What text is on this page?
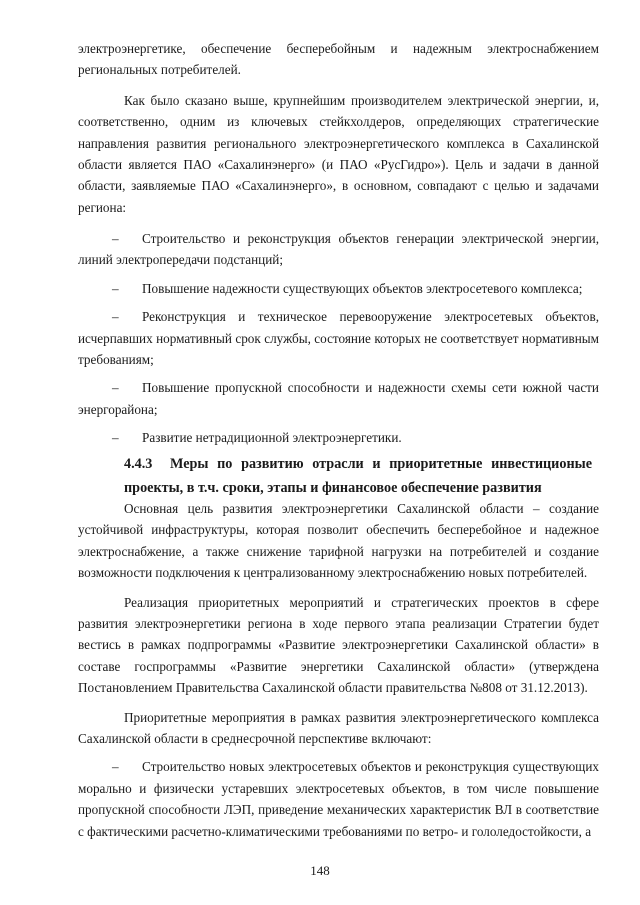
электроэнергетике, обеспечение бесперебойным и надежным электроснабжением региональных потребителей.

Как было сказано выше, крупнейшим производителем электрической энергии, и, соответственно, одним из ключевых стейкхолдеров, определяющих стратегические направления развития регионального электроэнергетического комплекса в Сахалинской области является ПАО «Сахалинэнерго» (и ПАО «РусГидро»). Цель и задачи в данной области, заявляемые ПАО «Сахалинэнерго», в основном, совпадают с целью и задачами региона:

– Строительство и реконструкция объектов генерации электрической энергии, линий электропередачи подстанций;

– Повышение надежности существующих объектов электросетевого комплекса;

– Реконструкция и техническое перевооружение электросетевых объектов, исчерпавших нормативный срок службы, состояние которых не соответствует нормативным требованиям;

– Повышение пропускной способности и надежности схемы сети южной части энергорайона;

– Развитие нетрадиционной электроэнергетики.

4.4.3 Меры по развитию отрасли и приоритетные инвестиционые проекты, в т.ч. сроки, этапы и финансовое обеспечение развития

Основная цель развития электроэнергетики Сахалинской области – создание устойчивой инфраструктуры, которая позволит обеспечить бесперебойное и надежное электроснабжение, а также снижение тарифной нагрузки на потребителей и создание возможности подключения к централизованному электроснабжению новых потребителей.

Реализация приоритетных мероприятий и стратегических проектов в сфере развития электроэнергетики региона в ходе первого этапа реализации Стратегии будет вестись в рамках подпрограммы «Развитие электроэнергетики Сахалинской области» в составе госпрограммы «Развитие энергетики Сахалинской области» (утверждена Постановлением Правительства Сахалинской области правительства №808 от 31.12.2013).

Приоритетные мероприятия в рамках развития электроэнергетического комплекса Сахалинской области в среднесрочной перспективе включают:

– Строительство новых электросетевых объектов и реконструкция существующих морально и физически устаревших электросетевых объектов, в том числе повышение пропускной способности ЛЭП, приведение механических характеристик ВЛ в соответствие с фактическими расчетно-климатическими требованиями по ветро- и гололедостойкости, а

148
